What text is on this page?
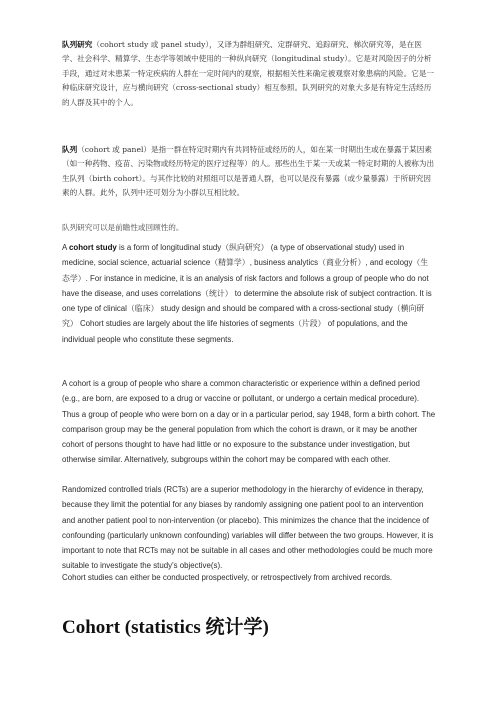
队列研究（cohort study 或 panel study），又译为群组研究、定群研究、追踪研究、梯次研究等，是在医学、社会科学、精算学、生态学等领域中使用的一种纵向研究（longitudinal study）。它是对风险因子的分析手段，通过对未患某一特定疾病的人群在一定时间内的观察，根据相关性来确定被观察对象患病的风险。它是一种临床研究设计，应与横向研究（cross-sectional study）相互参照。队列研究的对象大多是有特定生活经历的人群及其中的个人。

队列（cohort 或 panel）是指一群在特定时期内有共同特征或经历的人，如在某一时期出生或在暴露于某因素（如一种药物、疫苗、污染物或经历特定的医疗过程等）的人。那些出生于某一天或某一特定时期的人被称为出生队列（birth cohort）。与其作比较的对照组可以是普通人群，也可以是没有暴露（或少量暴露）于所研究因素的人群。此外，队列中还可划分为小群以互相比较。

队列研究可以是前瞻性或回顾性的。

A cohort study is a form of longitudinal study（纵向研究） (a type of observational study) used in medicine, social science, actuarial science（精算学）, business analytics（商业分析）, and ecology（生态学）. For instance in medicine, it is an analysis of risk factors and follows a group of people who do not have the disease, and uses correlations（统计） to determine the absolute risk of subject contraction. It is one type of clinical（临床） study design and should be compared with a cross-sectional study（横向研究） Cohort studies are largely about the life histories of segments（片段） of populations, and the individual people who constitute these segments.

A cohort is a group of people who share a common characteristic or experience within a defined period (e.g., are born, are exposed to a drug or vaccine or pollutant, or undergo a certain medical procedure). Thus a group of people who were born on a day or in a particular period, say 1948, form a birth cohort. The comparison group may be the general population from which the cohort is drawn, or it may be another cohort of persons thought to have had little or no exposure to the substance under investigation, but otherwise similar. Alternatively, subgroups within the cohort may be compared with each other.

Randomized controlled trials (RCTs) are a superior methodology in the hierarchy of evidence in therapy, because they limit the potential for any biases by randomly assigning one patient pool to an intervention and another patient pool to non-intervention (or placebo). This minimizes the chance that the incidence of confounding (particularly unknown confounding) variables will differ between the two groups. However, it is important to note that RCTs may not be suitable in all cases and other methodologies could be much more suitable to investigate the study's objective(s).

Cohort studies can either be conducted prospectively, or retrospectively from archived records.

Cohort (statistics 统计学)
